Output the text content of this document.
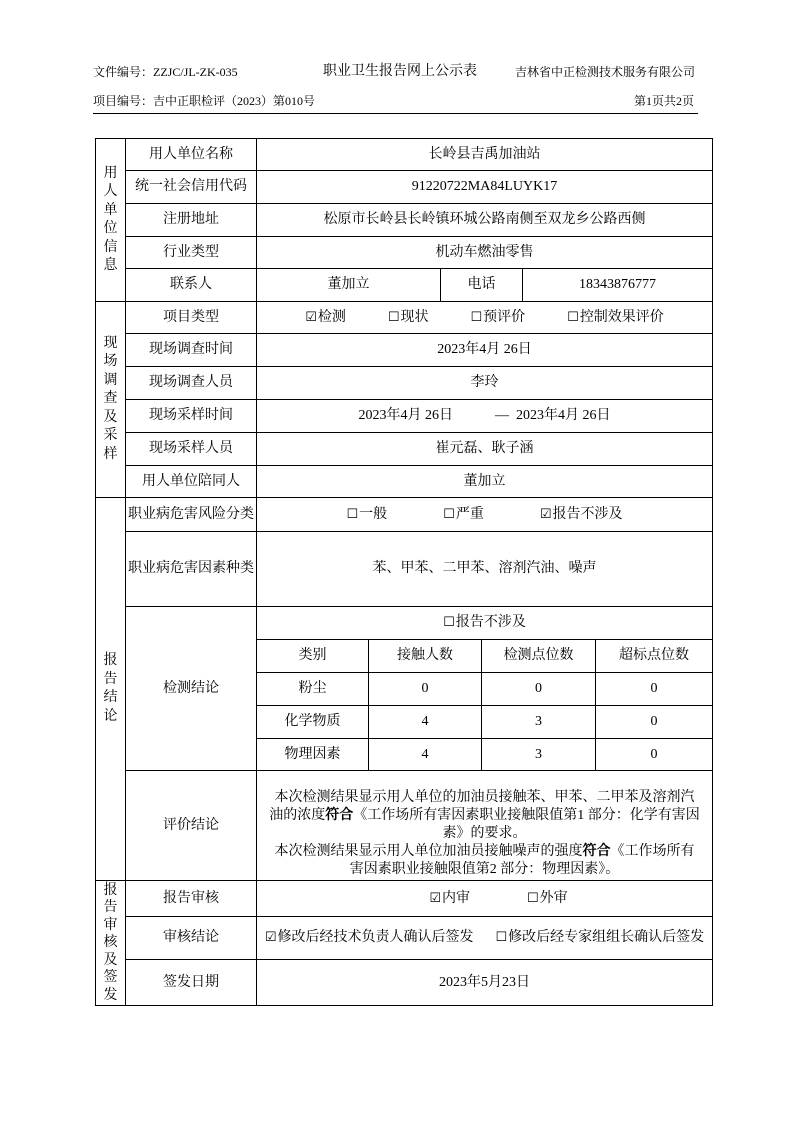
文件编号：ZZJC/JL-ZK-035	职业卫生报告网上公示表	吉林省中正检测技术服务有限公司
项目编号：吉中正职检评（2023）第010号	第1页共2页
用人单位信息	用人单位名称	长岭县吉禹加油站					
	统一社会信用代码	91220722MA84LUYK17					
	注册地址	松原市长岭县长岭镇环城公路南侧至双龙乡公路西侧					
	行业类型	机动车燃油零售					
	联系人	董加立		电话		18343876777	

现场调查及采样	项目类型	☑检测 ☐现状 ☐预评价 ☐控制效果评价					

	现场调查时间	2023年4月 26日					
	现场调查人员	李玲					
	现场采样时间	2023年4月 26日 — 2023年4月 26日					

	现场采样人员	崔元磊、耿子涵					
	用人单位陪同人	董加立					

报告结论	职业病危害风险分类	☐一般 ☐严重 ☑报告不涉及					

	职业病危害因素种类	苯、甲苯、二甲苯、溶剂汽油、噪声					
	检测结论	☐ 报告不涉及					

		类别	接触人数		检测点位数		超标点位数
		粉尘	0		0		0
		化学物质	4		3		0
		物理因素	4		3		0
	评价结论	本次检测结果显示用人单位的加油员接触苯、甲苯、二甲苯及溶剂汽油的浓度符合《工作场所有害因素职业接触限值第1 部分：化学有害因素》的要求。
本次检测结果显示用人单位加油员接触噪声的强度符合《工作场所有害因素职业接触限值第2 部分：物理因素》。					

报告审核及签发	报告审核	☑内审 ☐外审					

	审核结论	☑修改后经技术负责人确认后签发 ☐修改后经专家组组长确认后签发					

	签发日期	2023年5月23日					
